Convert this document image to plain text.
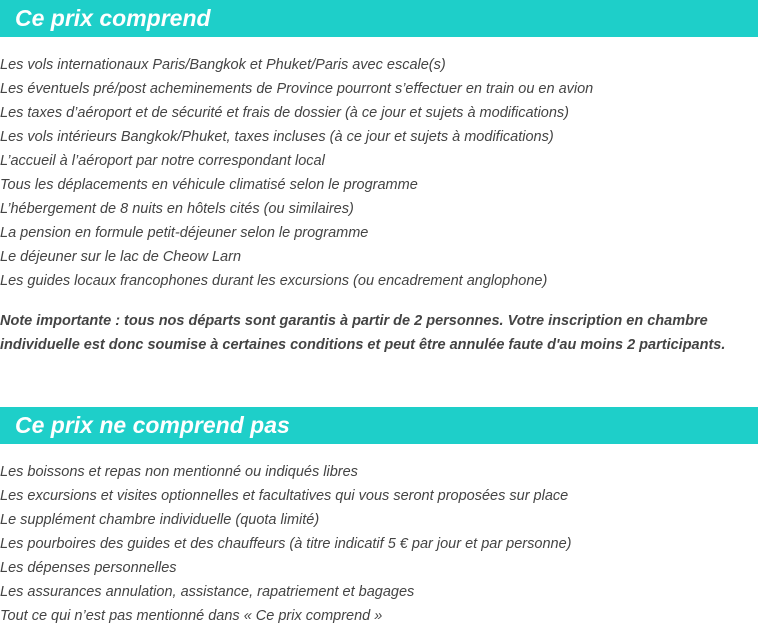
Ce prix comprend
Les vols internationaux Paris/Bangkok et Phuket/Paris avec escale(s)
Les éventuels pré/post acheminements de Province pourront s’effectuer en train ou en avion
Les taxes d’aéroport et de sécurité et frais de dossier (à ce jour et sujets à modifications)
Les vols intérieurs Bangkok/Phuket, taxes incluses (à ce jour et sujets à modifications)
L’accueil à l’aéroport par notre correspondant local
Tous les déplacements en véhicule climatisé selon le programme
L’hébergement de 8 nuits en hôtels cités (ou similaires)
La pension en formule petit-déjeuner selon le programme
Le déjeuner sur le lac de Cheow Larn
Les guides locaux francophones durant les excursions (ou encadrement anglophone)

Note importante : tous nos départs sont garantis à partir de 2 personnes. Votre inscription en chambre individuelle est donc soumise à certaines conditions et peut être annulée faute d'au moins 2 participants.

Ce prix ne comprend pas
Les boissons et repas non mentionné ou indiqués libres
Les excursions et visites optionnelles et facultatives qui vous seront proposées sur place
Le supplément chambre individuelle (quota limité)
Les pourboires des guides et des chauffeurs (à titre indicatif 5 € par jour et par personne)
Les dépenses personnelles
Les assurances annulation, assistance, rapatriement et bagages
Tout ce qui n’est pas mentionné dans « Ce prix comprend »
